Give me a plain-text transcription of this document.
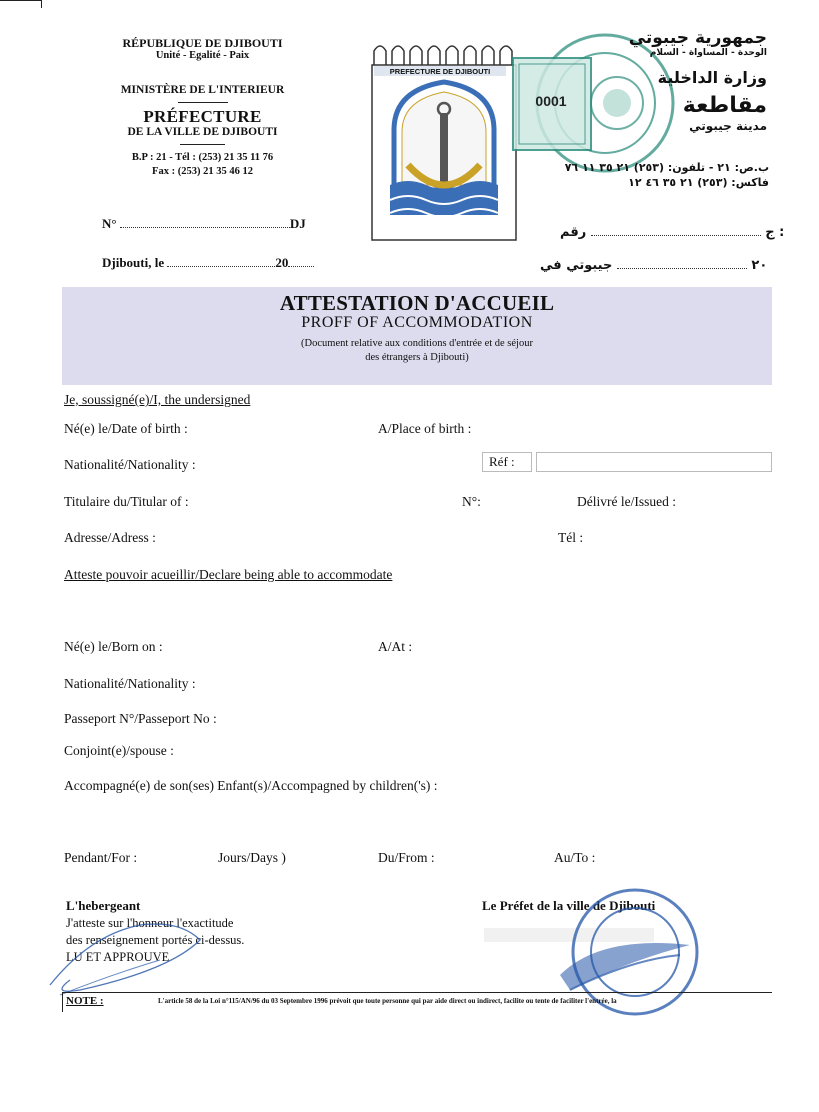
RÉPUBLIQUE DE DJIBOUTI
Unité - Egalité - Paix
MINISTÈRE DE L'INTERIEUR
PRÉFECTURE
DE LA VILLE DE DJIBOUTI
B.P : 21 - Tél : (253) 21 35 11 76
Fax : (253) 21 35 46 12
N°	DJ
Djibouti, le	20
PREFECTURE DE DJIBOUTI
0001
جمهورية جيبوتي
الوحدة - المساواة - السلام
وزارة الداخلية
مقاطعة
مدينة جيبوتي
ب.ص: ٢١ - تلفون: (٢٥٣) ٢١ ٣٥ ١١ ٧٦
فاكس: (٢٥٣) ٢١ ٣٥ ٤٦ ١٢
ج  رقم :
٢٠  جيبوتي في
ATTESTATION D'ACCUEIL
PROFF OF ACCOMMODATION
(Document relative aux conditions d'entrée et de séjour
des étrangers à Djibouti)
Je, soussigné(e)/I, the undersigned
Né(e) le/Date of birth :	A/Place of birth :
Nationalité/Nationality :	Réf :
Titulaire du/Titular of :	N°:	Délivré le/Issued :
Adresse/Adress :	Tél :
Atteste pouvoir acueillir/Declare being able to accommodate
Né(e) le/Born on :	A/At :
Nationalité/Nationality :
Passeport N°/Passeport No :
Conjoint(e)/spouse :
Accompagné(e) de son(ses) Enfant(s)/Accompagned by children('s) :
Pendant/For :	Jours/Days )	Du/From :	Au/To :
L'hebergeant
J'atteste sur l'honneur l'exactitude
des renseignement portés ci-dessus.
LU ET APPROUVE
Le Préfet de la ville de Djibouti
NOTE :	L'article 58 de la Loi n°115/AN/96 du 03 Septembre 1996 prévoit que toute personne qui par aide direct ou indirect, facilite ou tente de faciliter l'entrée, la
